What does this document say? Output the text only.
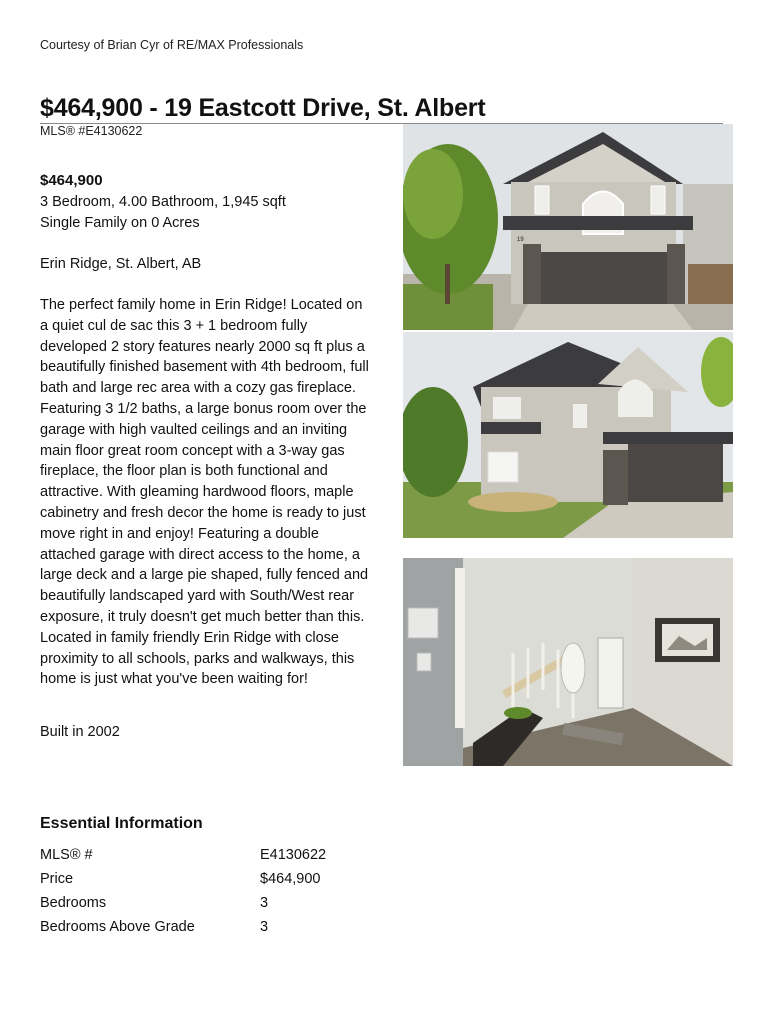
Courtesy of Brian Cyr of RE/MAX Professionals
$464,900 - 19 Eastcott Drive, St. Albert
MLS® #E4130622

$464,900

3 Bedroom, 4.00 Bathroom, 1,945 sqft

Single Family on 0 Acres

Erin Ridge, St. Albert, AB

The perfect family home in Erin Ridge! Located on a quiet cul de sac this 3 + 1 bedroom fully developed 2 story features nearly 2000 sq ft plus a beautifully finished basement with 4th bedroom, full bath and large rec area with a cozy gas fireplace. Featuring 3 1/2 baths, a large bonus room over the garage with high vaulted ceilings and an inviting main floor great room concept with a 3-way gas fireplace, the floor plan is both functional and attractive. With gleaming hardwood floors, maple cabinetry and fresh decor the home is ready to just move right in and enjoy! Featuring a double attached garage with direct access to the home, a large deck and a large pie shaped, fully fenced and beautifully landscaped yard with South/West rear exposure, it truly doesn't get much better than this. Located in family friendly Erin Ridge with close proximity to all schools, parks and walkways, this home is just what you've been waiting for!

Built in 2002

Essential Information
MLS® #	E4130622
Price	$464,900
Bedrooms	3
Bedrooms Above Grade	3
19
